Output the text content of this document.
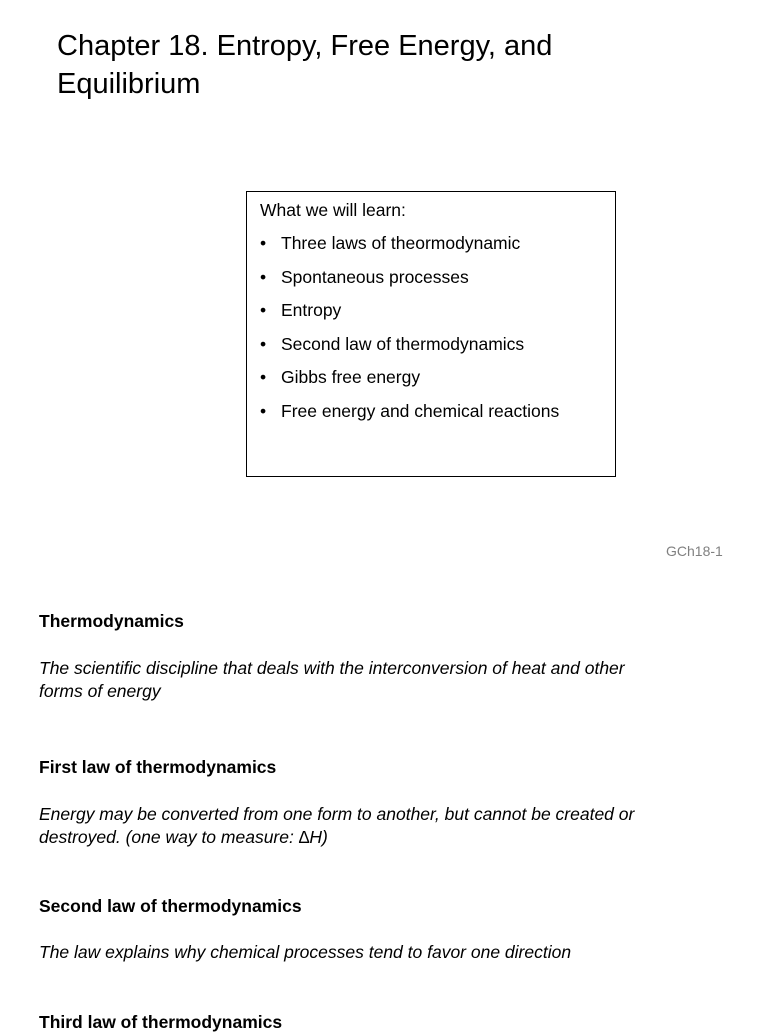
Chapter 18. Entropy, Free Energy, and Equilibrium
What we will learn:
• Three laws of theormodynamic
• Spontaneous processes
• Entropy
• Second law of thermodynamics
• Gibbs free energy
• Free energy and chemical reactions
GCh18-1
Thermodynamics

The scientific discipline that deals with the interconversion of heat and other forms of energy

First law of thermodynamics

Energy may be converted from one form to another, but cannot be created or destroyed. (one way to measure: ∆H)

Second law of thermodynamics

The law explains why chemical processes tend to favor one direction

Third law of thermodynamics
